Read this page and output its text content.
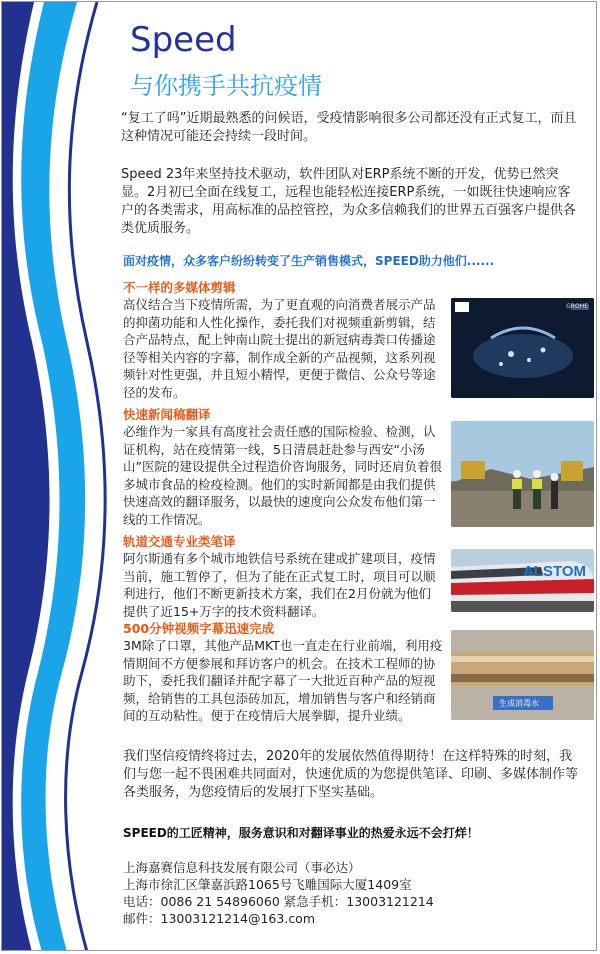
Speed
与你携手共抗疫情

“复工了吗”近期最熟悉的问候语，受疫情影响很多公司都还没有正式复工，而且这种情况可能还会持续一段时间。

Speed 23年来坚持技术驱动，软件团队对ERP系统不断的开发，优势已然突显。2月初已全面在线复工，远程也能轻松连接ERP系统，一如既往快速响应客户的各类需求，用高标准的品控管控，为众多信赖我们的世界五百强客户提供各类优质服务。

面对疫情，众多客户纷纷转变了生产销售模式，SPEED助力他们......

不一样的多媒体剪辑

高仪结合当下疫情所需，为了更直观的向消费者展示产品的抑菌功能和人性化操作，委托我们对视频重新剪辑，结合产品特点，配上钟南山院士提出的新冠病毒粪口传播途径等相关内容的字幕，制作成全新的产品视频，这系列视频针对性更强，并且短小精悍，更便于微信、公众号等途径的发布。

GROHE

快速新闻稿翻译

必维作为一家具有高度社会责任感的国际检验、检测，认证机构，站在疫情第一线，5日清晨赶赴参与西安“小汤山”医院的建设提供全过程造价咨询服务，同时还肩负着很多城市食品的检疫检测。他们的实时新闻都是由我们提供快速高效的翻译服务，以最快的速度向公众发布他们第一线的工作情况。

轨道交通专业类笔译

阿尔斯通有多个城市地铁信号系统在建或扩建项目，疫情当前，施工暂停了，但为了能在正式复工时，项目可以顺利进行，他们不断更新技术方案，我们在2月份就为他们提供了近15+万字的技术资料翻译。

ALSTOM

500分钟视频字幕迅速完成

3M除了口罩，其他产品MKT也一直走在行业前端，利用疫情期间不方便参展和拜访客户的机会。在技术工程师的协助下，委托我们翻译并配字幕了一大批近百种产品的短视频，给销售的工具包添砖加瓦，增加销售与客户和经销商间的互动粘性。便于在疫情后大展拳脚，提升业绩。

生成消毒水

我们坚信疫情终将过去，2020年的发展依然值得期待！在这样特殊的时刻，我们与您一起不畏困难共同面对，快速优质的为您提供笔译、印刷、多媒体制作等各类服务，为您疫情后的发展打下坚实基础。

SPEED的工匠精神，服务意识和对翻译事业的热爱永远不会打烊！

上海嘉赛信息科技发展有限公司（事必达）
上海市徐汇区肇嘉浜路1065号飞雕国际大厦1409室
电话：0086 21 54896060 紧急手机：13003121214
邮件：13003121214@163.com
